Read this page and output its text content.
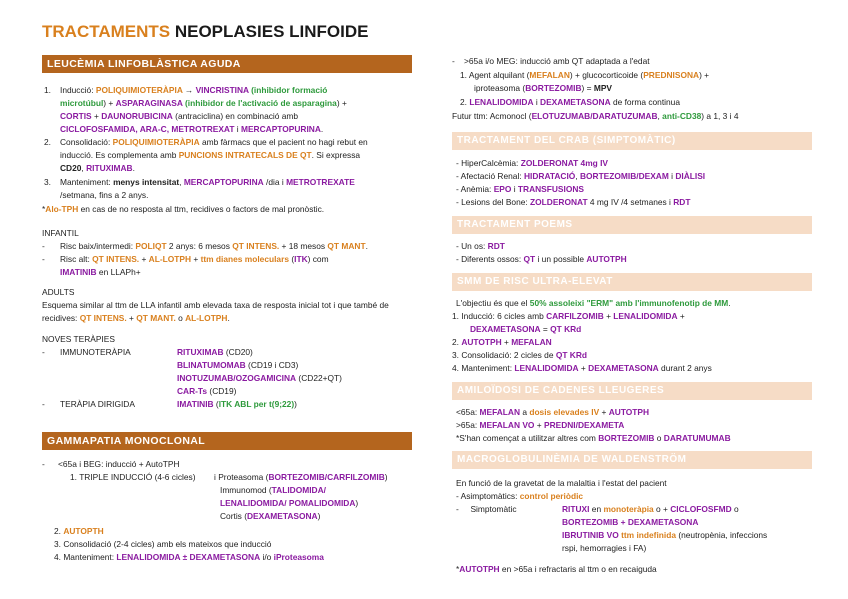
TRACTAMENTS NEOPLASIES LINFOIDE
LEUCÈMIA LINFOBLÀSTICA AGUDA
1. Inducció: POLIQUIMIOTERÀPIA → VINCRISTINA (inhibidor formació
microtúbul) + ASPARAGINASA (inhibidor de l'activació de asparagina) +
CORTIS + DAUNORUBICINA (antraciclina) en combinació amb
CICLOFOSFAMIDA, ARA-C, METROTREXAT i MERCAPTOPURINA.
2. Consolidació: POLIQUIMIOTERÀPIA amb fàrmacs que el pacient no hagi rebut en
inducció. Es complementa amb PUNCIONS INTRATECALS DE QT. Si expressa
CD20, RITUXIMAB.
3. Manteniment: menys intensitat, MERCAPTOPURINA /dia i METROTREXATE
/setmana, fins a 2 anys.
*Alo-TPH en cas de no resposta al ttm, recidives o factors de mal pronòstic.
INFANTIL
- Risc baix/intermedi: POLIQT 2 anys: 6 mesos QT INTENS. + 18 mesos QT MANT.
- Risc alt: QT INTENS. + AL-LOTPH + ttm dianes moleculars (ITK) com
IMATINIB en LLAPh+
ADULTS
Esquema similar al ttm de LLA infantil amb elevada taxa de resposta inicial tot i que també de
recidives: QT INTENS. + QT MANT. o AL-LOTPH.
NOVES TERÀPIES
- IMMUNOTERÀPIA	RITUXIMAB (CD20)
BLINATUMOMAB (CD19 i CD3)
INOTUZUMAB/OZOGAMICINA (CD22+QT)
CAR-Ts (CD19)
- TERÀPIA DIRIGIDA	IMATINIB (ITK ABL per t(9;22))
GAMMAPATIA MONOCLONAL
- <65a i BEG: inducció + AutoTPH
1. TRIPLE INDUCCIÓ (4-6 cicles) i Proteasoma (BORTEZOMIB/CARFILZOMIB)
Immunomod (TALIDOMIDA/
LENALIDOMIDA/ POMALIDOMIDA)
Cortis (DEXAMETASONA)
2. AUTOPTH
3. Consolidació (2-4 cicles) amb els mateixos que inducció
4. Manteniment: LENALIDOMIDA ± DEXAMETASONA i/o iProteasoma
- >65a i/o MEG: inducció amb QT adaptada a l'edat
1. Agent alquilant (MEFALAN) + glucocorticoide (PREDNISONA) +
iproteasoma (BORTEZOMIB) = MPV
2. LENALIDOMIDA i DEXAMETASONA de forma continua
Futur ttm: Acmonocl (ELOTUZUMAB/DARATUZUMAB, anti-CD38) a 1, 3 i 4
TRACTAMENT DEL CRAB (SIMPTOMÀTIC)
- HiperCalcèmia: ZOLDERONAT 4mg IV
- Afectació Renal: HIDRATACIÓ, BORTEZOMIB/DEXAM i DIÀLISI
- Anèmia: EPO i TRANSFUSIONS
- Lesions del Bone: ZOLDERONAT 4 mg IV /4 setmanes i RDT
TRACTAMENT POEMS
- Un os: RDT
- Diferents ossos: QT i un possible AUTOTPH
SMM DE RISC ULTRA-ELEVAT
L'objectiu és que el 50% assoleixi "ERM" amb l'immunofenotip de MM.
1. Inducció: 6 cicles amb CARFILZOMIB + LENALIDOMIDA +
DEXAMETASONA = QT KRd
2. AUTOTPH + MEFALAN
3. Consolidació: 2 cicles de QT KRd
4. Manteniment: LENALIDOMIDA + DEXAMETASONA durant 2 anys
AMILOÏDOSI DE CADENES LLEUGERES
<65a: MEFALAN a dosis elevades IV + AUTOTPH
>65a: MEFALAN VO + PREDNI/DEXAMETA
*S'han començat a utilitzar altres com BORTEZOMIB o DARATUMUMAB
MACROGLOBULINÈMIA DE WALDENSTRÖM
En funció de la gravetat de la malaltia i l'estat del pacient
- Asimptomàtics: control periòdic
-     Simptomàtic	RITUXI en monoteràpia o + CICLOFOSFMD o
BORTEZOMIB + DEXAMETASONA
IBRUTINIB VO ttm indefinida (neutropènia, infeccions
rspi, hemorragies i FA)
*AUTOTPH en >65a i refractaris al ttm o en recaiguda
